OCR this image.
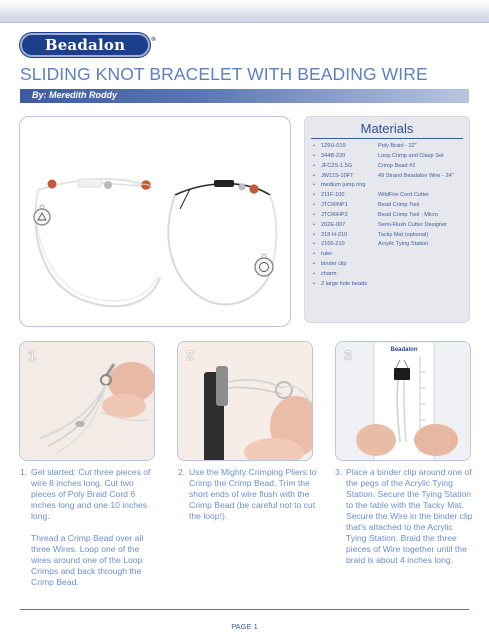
Beadalon	®
SLIDING KNOT BRACELET WITH BEADING WIRE
By: Meredith Roddy
Materials
• 129U-010	Poly Braid - 22"
• 344B-220	Loop Crimp and Clasp Set
• JFC2S-1.5G	Crimp Bead #2
• JW11S-10FT	49 Strand Beadalon Wire - 24"
• medium jump ring
• 211F-100	WildFire Cord Cutter
• JTCRINP1	Bead Crimp Tool
• JTCRIHP2	Bead Crimp Tool - Micro
• 202E-007	Semi-Flush Cutter Designer
• 218 H-210	Tacky Mat (optional)
• 2165-210	Acrylic Tying Station
• ruler
• binder clip
• charm
• 2 large hole beads
1	2	3	Beadalon
1. Get started: Cut three pieces of wire 8 inches long. Cut two pieces of Poly Braid Cord 6 inches long and one 10 inches long.

Thread a Crimp Bead over all three Wires. Loop one of the wires around one of the Loop Crimps and back through the Crimp Bead.

2. Use the Mighty Crimping Pliers to Crimp the Crimp Bead. Trim the short ends of wire flush with the Crimp Bead (be careful not to cut the loop!).

3. Place a binder clip around one of the pegs of the Acrylic Tying Station. Secure the Tying Station to the table with the Tacky Mat. Secure the Wire in the binder clip that's attached to the Acrylic Tying Station. Braid the three pieces of Wire together until the braid is about 4 inches long.

PAGE 1
